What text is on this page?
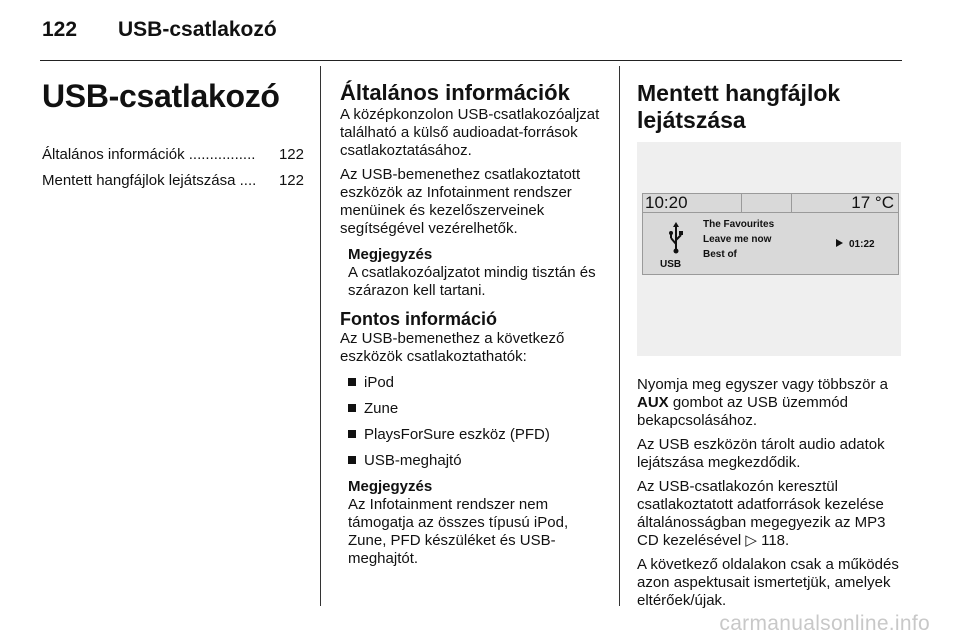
122 USB-csatlakozó
USB-csatlakozó
Általános információk ................ 122
Mentett hangfájlok lejátszása .... 122
Általános információk

A középkonzolon USB-csatlakozóaljzat található a külső audioadat-források csatlakoztatásához.

Az USB-bemenethez csatlakoztatott eszközök az Infotainment rendszer menüinek és kezelőszerveinek segítségével vezérelhetők.

Megjegyzés
A csatlakozóaljzatot mindig tisztán és szárazon kell tartani.
Fontos információ

Az USB-bemenethez a következő eszközök csatlakoztathatók:

iPod
Zune
PlaysForSure eszköz (PFD)
USB-meghajtó
Megjegyzés
Az Infotainment rendszer nem támogatja az összes típusú iPod, Zune, PFD készüléket és USB-meghajtót.
Mentett hangfájlok lejátszása
10:20	17 °C
USB
The Favourites
Leave me now
Best of
01:22

Nyomja meg egyszer vagy többször a AUX gombot az USB üzemmód bekapcsolásához.

Az USB eszközön tárolt audio adatok lejátszása megkezdődik.

Az USB-csatlakozón keresztül csatlakoztatott adatforrások kezelése általánosságban megegyezik az MP3 CD kezelésével ▷ 118.

A következő oldalakon csak a működés azon aspektusait ismertetjük, amelyek eltérőek/újak.

carmanualsonline.info
